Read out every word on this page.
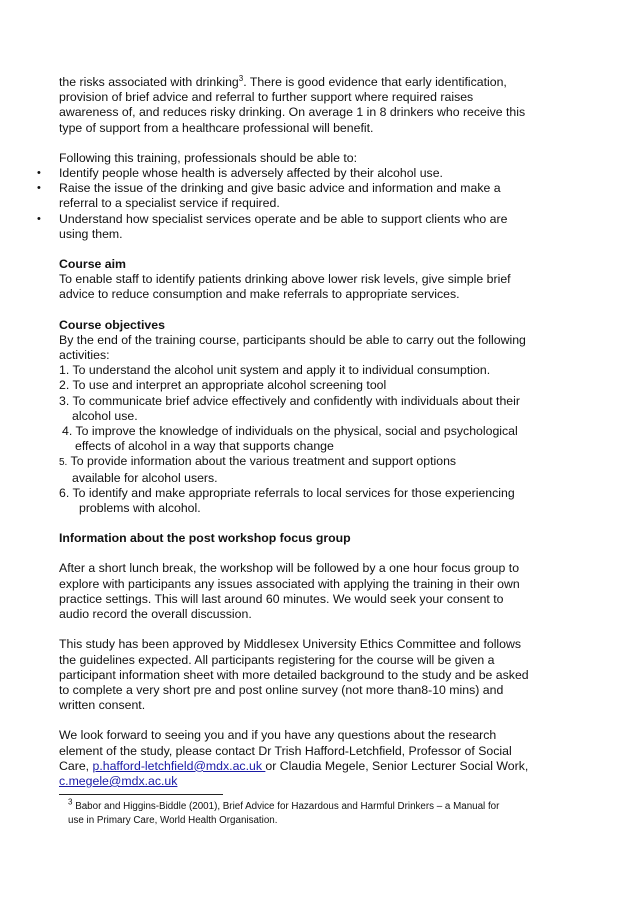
the risks associated with drinking$^3$. There is good evidence that early identification,

provision of brief advice and referral to further support where required raises

awareness of, and reduces risky drinking. On average 1 in 8 drinkers who receive this

type of support from a healthcare professional will benefit.

Following this training, professionals should be able to:

• Identify people whose health is adversely affected by their alcohol use.

• Raise the issue of the drinking and give basic advice and information and make a

referral to a specialist service if required.

• Understand how specialist services operate and be able to support clients who are

using them.

Course aim

To enable staff to identify patients drinking above lower risk levels, give simple brief

advice to reduce consumption and make referrals to appropriate services.

Course objectives

By the end of the training course, participants should be able to carry out the following

activities:

1. To understand the alcohol unit system and apply it to individual consumption.

2. To use and interpret an appropriate alcohol screening tool

3. To communicate brief advice effectively and confidently with individuals about their

alcohol use.

4. To improve the knowledge of individuals on the physical, social and psychological

effects of alcohol in a way that supports change

5. To provide information about the various treatment and support options

available for alcohol users.

6. To identify and make appropriate referrals to local services for those experiencing

problems with alcohol.

Information about the post workshop focus group

After a short lunch break, the workshop will be followed by a one hour focus group to

explore with participants any issues associated with applying the training in their own

practice settings. This will last around 60 minutes. We would seek your consent to

audio record the overall discussion.

This study has been approved by Middlesex University Ethics Committee and follows

the guidelines expected. All participants registering for the course will be given a

participant information sheet with more detailed background to the study and be asked

to complete a very short pre and post online survey (not more than8-10 mins) and

written consent.

We look forward to seeing you and if you have any questions about the research

element of the study, please contact Dr Trish Hafford-Letchfield, Professor of Social

Care, p.hafford-letchfield@mdx.ac.uk or Claudia Megele, Senior Lecturer Social Work,

c.megele@mdx.ac.uk

$^3$ Babor and Higgins-Biddle (2001), Brief Advice for Hazardous and Harmful Drinkers – a Manual for

use in Primary Care, World Health Organisation.
